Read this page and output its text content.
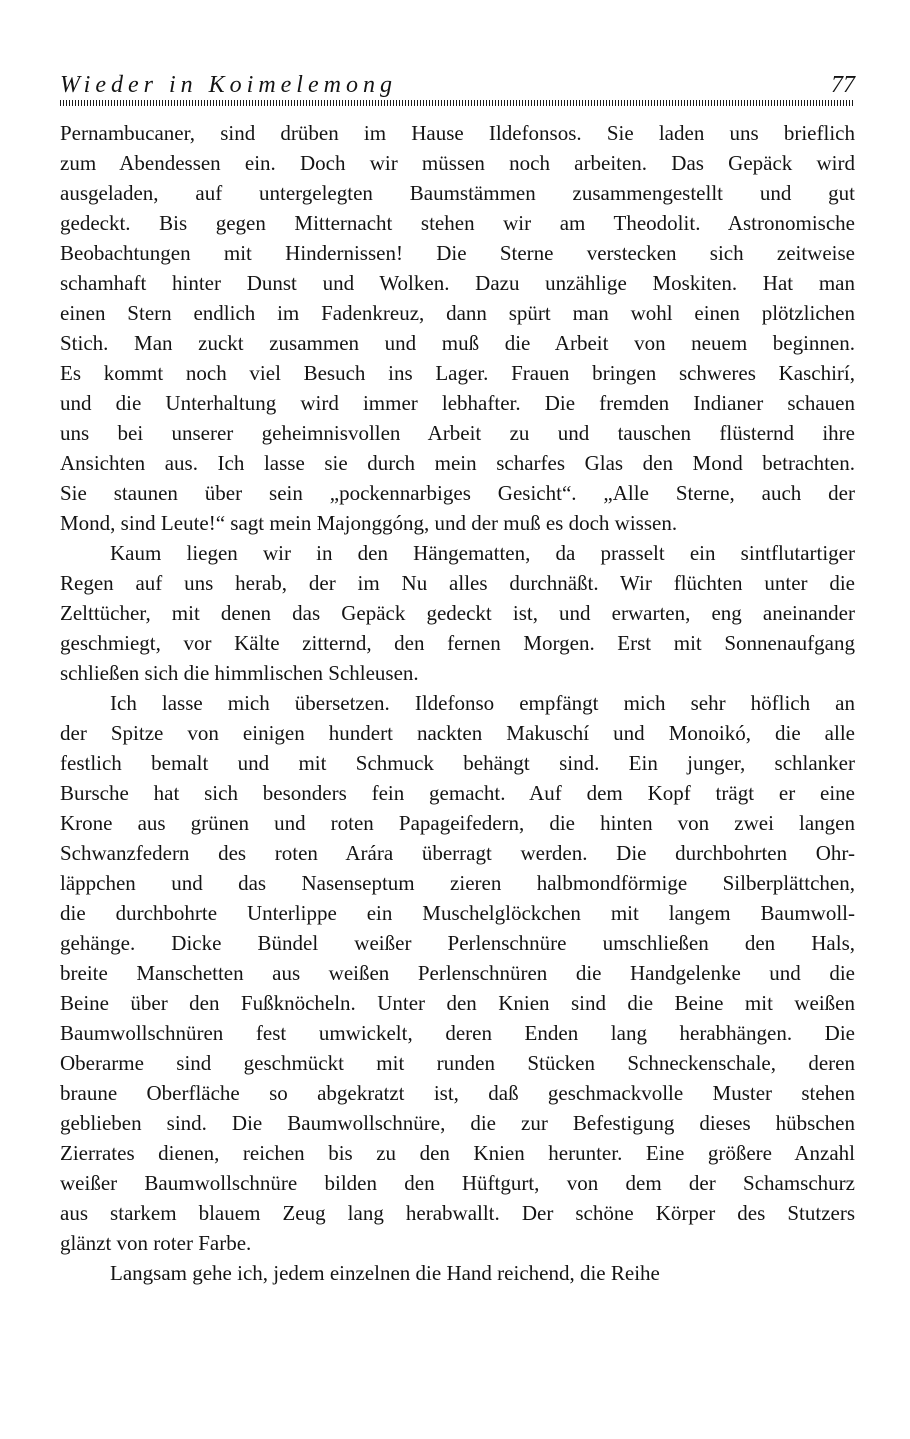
Wieder in Koimelemong	77
Pernambucaner, sind drüben im Hause Ildefonsos. Sie laden uns brieflich
zum Abendessen ein. Doch wir müssen noch arbeiten. Das Gepäck wird
ausgeladen, auf untergelegten Baumstämmen zusammengestellt und gut
gedeckt. Bis gegen Mitternacht stehen wir am Theodolit. Astronomische
Beobachtungen mit Hindernissen! Die Sterne verstecken sich zeitweise
schamhaft hinter Dunst und Wolken. Dazu unzählige Moskiten. Hat man
einen Stern endlich im Fadenkreuz, dann spürt man wohl einen plötzlichen
Stich. Man zuckt zusammen und muß die Arbeit von neuem beginnen.
Es kommt noch viel Besuch ins Lager. Frauen bringen schweres Kaschirí,
und die Unterhaltung wird immer lebhafter. Die fremden Indianer schauen
uns bei unserer geheimnisvollen Arbeit zu und tauschen flüsternd ihre
Ansichten aus. Ich lasse sie durch mein scharfes Glas den Mond betrachten.
Sie staunen über sein „pockennarbiges Gesicht“. „Alle Sterne, auch der
Mond, sind Leute!“ sagt mein Majonggóng, und der muß es doch wissen.
Kaum liegen wir in den Hängematten, da prasselt ein sintflutartiger
Regen auf uns herab, der im Nu alles durchnäßt. Wir flüchten unter die
Zelttücher, mit denen das Gepäck gedeckt ist, und erwarten, eng aneinander
geschmiegt, vor Kälte zitternd, den fernen Morgen. Erst mit Sonnenaufgang
schließen sich die himmlischen Schleusen.
Ich lasse mich übersetzen. Ildefonso empfängt mich sehr höflich an
der Spitze von einigen hundert nackten Makuschí und Monoikó, die alle
festlich bemalt und mit Schmuck behängt sind. Ein junger, schlanker
Bursche hat sich besonders fein gemacht. Auf dem Kopf trägt er eine
Krone aus grünen und roten Papageifedern, die hinten von zwei langen
Schwanzfedern des roten Arára überragt werden. Die durchbohrten Ohr-
läppchen und das Nasenseptum zieren halbmondförmige Silberplättchen,
die durchbohrte Unterlippe ein Muschelglöckchen mit langem Baumwoll-
gehänge. Dicke Bündel weißer Perlenschnüre umschließen den Hals,
breite Manschetten aus weißen Perlenschnüren die Handgelenke und die
Beine über den Fußknöcheln. Unter den Knien sind die Beine mit weißen
Baumwollschnüren fest umwickelt, deren Enden lang herabhängen. Die
Oberarme sind geschmückt mit runden Stücken Schneckenschale, deren
braune Oberfläche so abgekratzt ist, daß geschmackvolle Muster stehen
geblieben sind. Die Baumwollschnüre, die zur Befestigung dieses hübschen
Zierrates dienen, reichen bis zu den Knien herunter. Eine größere Anzahl
weißer Baumwollschnüre bilden den Hüftgurt, von dem der Schamschurz
aus starkem blauem Zeug lang herabwallt. Der schöne Körper des Stutzers
glänzt von roter Farbe.
Langsam gehe ich, jedem einzelnen die Hand reichend, die Reihe
